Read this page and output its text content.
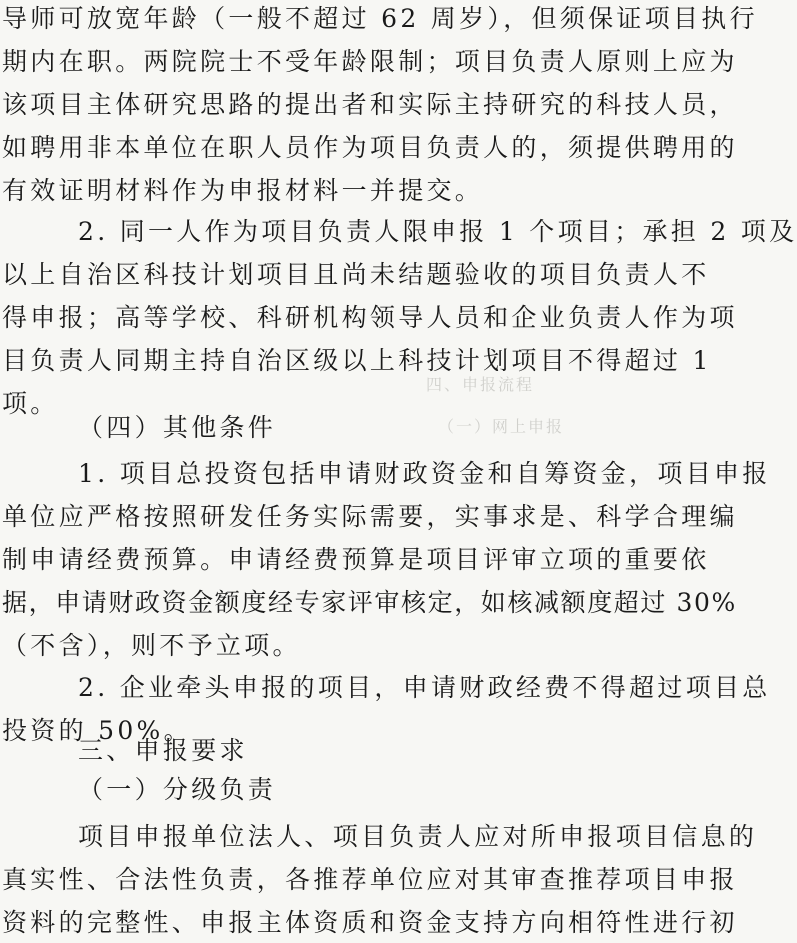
四、申报流程
（一）网上申报
导师可放宽年龄（一般不超过 62 周岁），但须保证项目执行
期内在职。两院院士不受年龄限制；项目负责人原则上应为
该项目主体研究思路的提出者和实际主持研究的科技人员，
如聘用非本单位在职人员作为项目负责人的，须提供聘用的
有效证明材料作为申报材料一并提交。
2. 同一人作为项目负责人限申报 1 个项目；承担 2 项及
以上自治区科技计划项目且尚未结题验收的项目负责人不
得申报；高等学校、科研机构领导人员和企业负责人作为项
目负责人同期主持自治区级以上科技计划项目不得超过 1
项。
（四）其他条件
1. 项目总投资包括申请财政资金和自筹资金，项目申报
单位应严格按照研发任务实际需要，实事求是、科学合理编
制申请经费预算。申请经费预算是项目评审立项的重要依
据，申请财政资金额度经专家评审核定，如核减额度超过 30%
（不含），则不予立项。
2. 企业牵头申报的项目，申请财政经费不得超过项目总
投资的 50%。
三、申报要求
（一）分级负责
项目申报单位法人、项目负责人应对所申报项目信息的
真实性、合法性负责，各推荐单位应对其审查推荐项目申报
资料的完整性、申报主体资质和资金支持方向相符性进行初
